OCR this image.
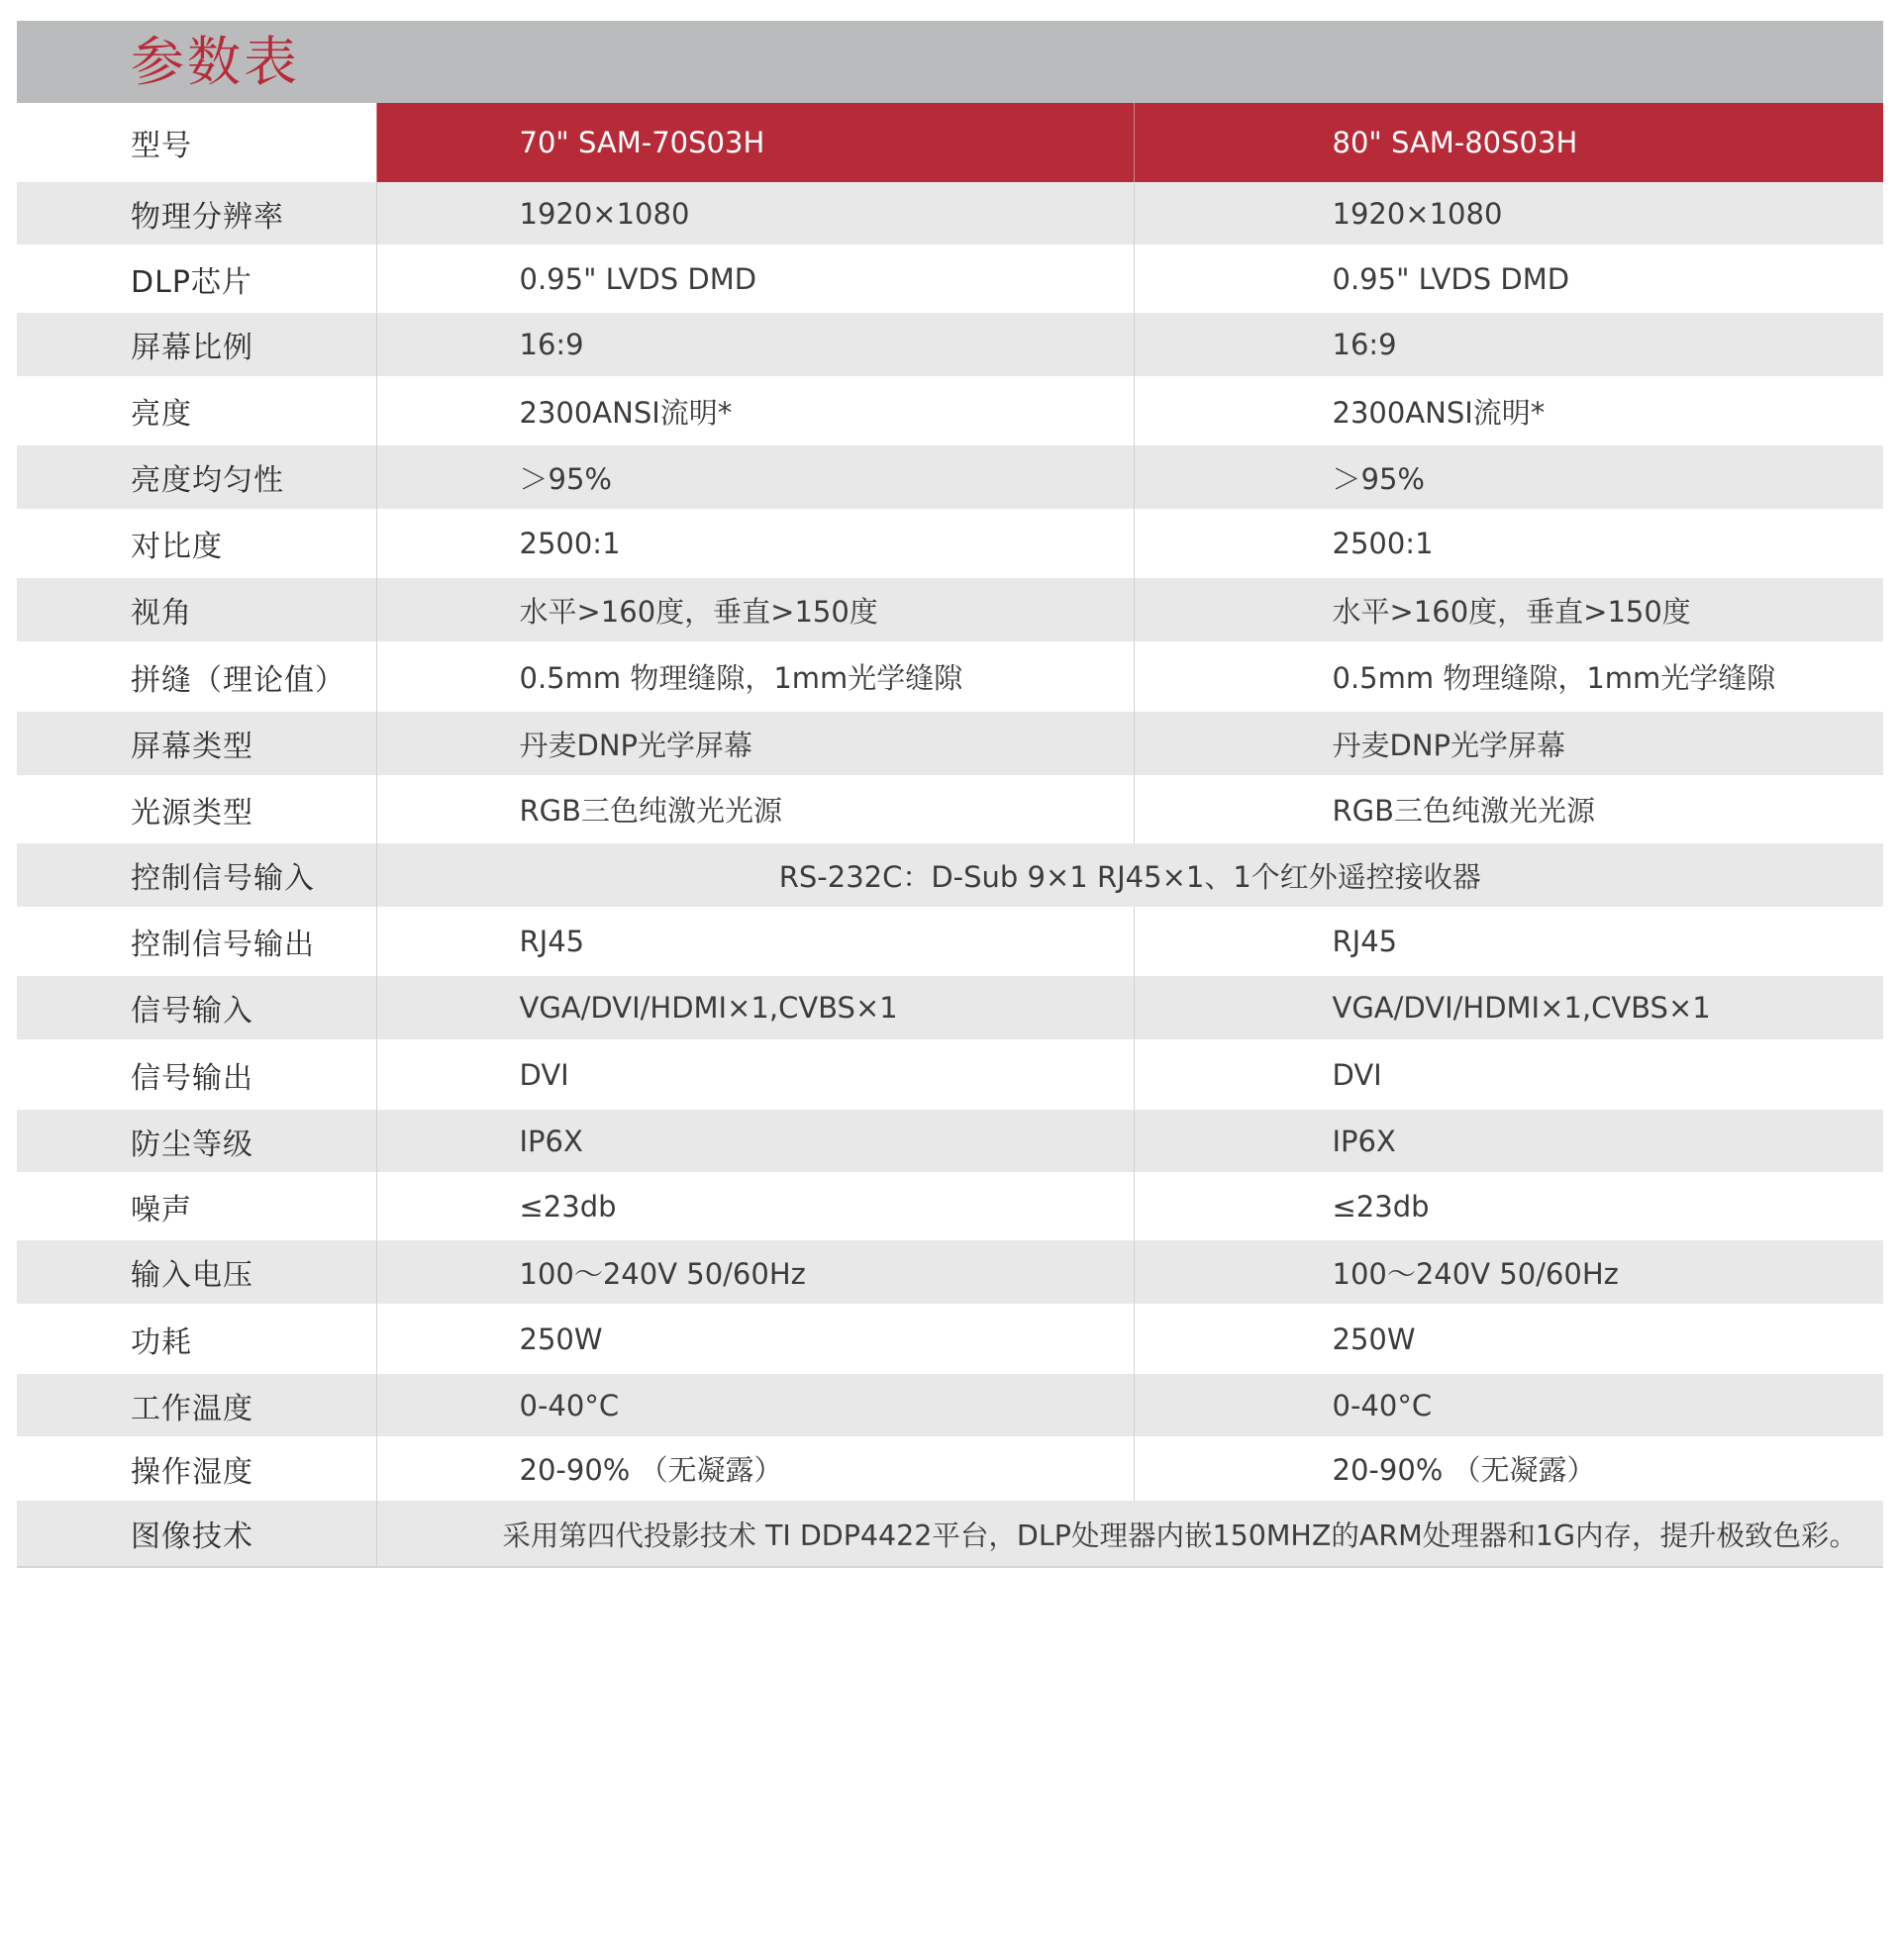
参数表
型号	70" SAM-70S03H	80" SAM-80S03H
物理分辨率	1920×1080	1920×1080
DLP芯片	0.95" LVDS DMD	0.95" LVDS DMD
屏幕比例	16:9	16:9
亮度	2300ANSI流明*	2300ANSI流明*
亮度均匀性	＞95%	＞95%
对比度	2500:1	2500:1
视角	水平>160度，垂直>150度	水平>160度，垂直>150度
拼缝（理论值）	0.5mm 物理缝隙，1mm光学缝隙	0.5mm 物理缝隙，1mm光学缝隙
屏幕类型	丹麦DNP光学屏幕	丹麦DNP光学屏幕
光源类型	RGB三色纯激光光源	RGB三色纯激光光源
控制信号输入	RS-232C：D-Sub 9×1 RJ45×1、1个红外遥控接收器	
控制信号输出	RJ45	RJ45
信号输入	VGA/DVI/HDMI×1,CVBS×1	VGA/DVI/HDMI×1,CVBS×1
信号输出	DVI	DVI
防尘等级	IP6X	IP6X
噪声	≤23db	≤23db
输入电压	100～240V 50/60Hz	100～240V 50/60Hz
功耗	250W	250W
工作温度	0-40°C	0-40°C
操作湿度	20-90% （无凝露）	20-90% （无凝露）
图像技术	采用第四代投影技术 TI DDP4422平台，DLP处理器内嵌150MHZ的ARM处理器和1G内存，提升极致色彩。	
